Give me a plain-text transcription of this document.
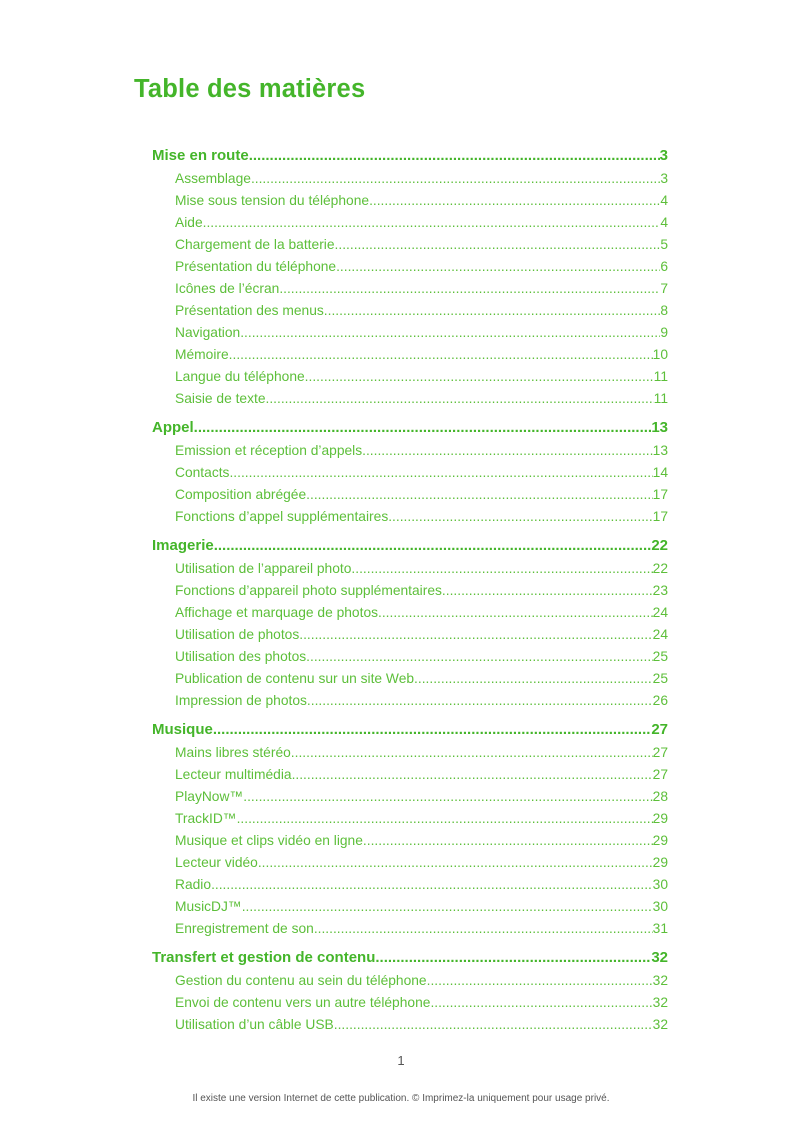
Table des matières
Mise en route .....	3
Assemblage .....	3
Mise sous tension du téléphone .....	4
Aide .....	4
Chargement de la batterie .....	5
Présentation du téléphone .....	6
Icônes de l’écran .....	7
Présentation des menus .....	8
Navigation .....	9
Mémoire .....	10
Langue du téléphone .....	11
Saisie de texte .....	11
Appel .....	13
Emission et réception d’appels .....	13
Contacts .....	14
Composition abrégée .....	17
Fonctions d’appel supplémentaires .....	17
Imagerie .....	22
Utilisation de l’appareil photo .....	22
Fonctions d’appareil photo supplémentaires .....	23
Affichage et marquage de photos .....	24
Utilisation de photos .....	24
Utilisation des photos .....	25
Publication de contenu sur un site Web .....	25
Impression de photos .....	26
Musique .....	27
Mains libres stéréo .....	27
Lecteur multimédia .....	27
PlayNow™ .....	28
TrackID™ .....	29
Musique et clips vidéo en ligne .....	29
Lecteur vidéo .....	29
Radio .....	30
MusicDJ™ .....	30
Enregistrement de son .....	31
Transfert et gestion de contenu .....	32
Gestion du contenu au sein du téléphone .....	32
Envoi de contenu vers un autre téléphone .....	32
Utilisation d’un câble USB .....	32
1
Il existe une version Internet de cette publication. © Imprimez-la uniquement pour usage privé.
